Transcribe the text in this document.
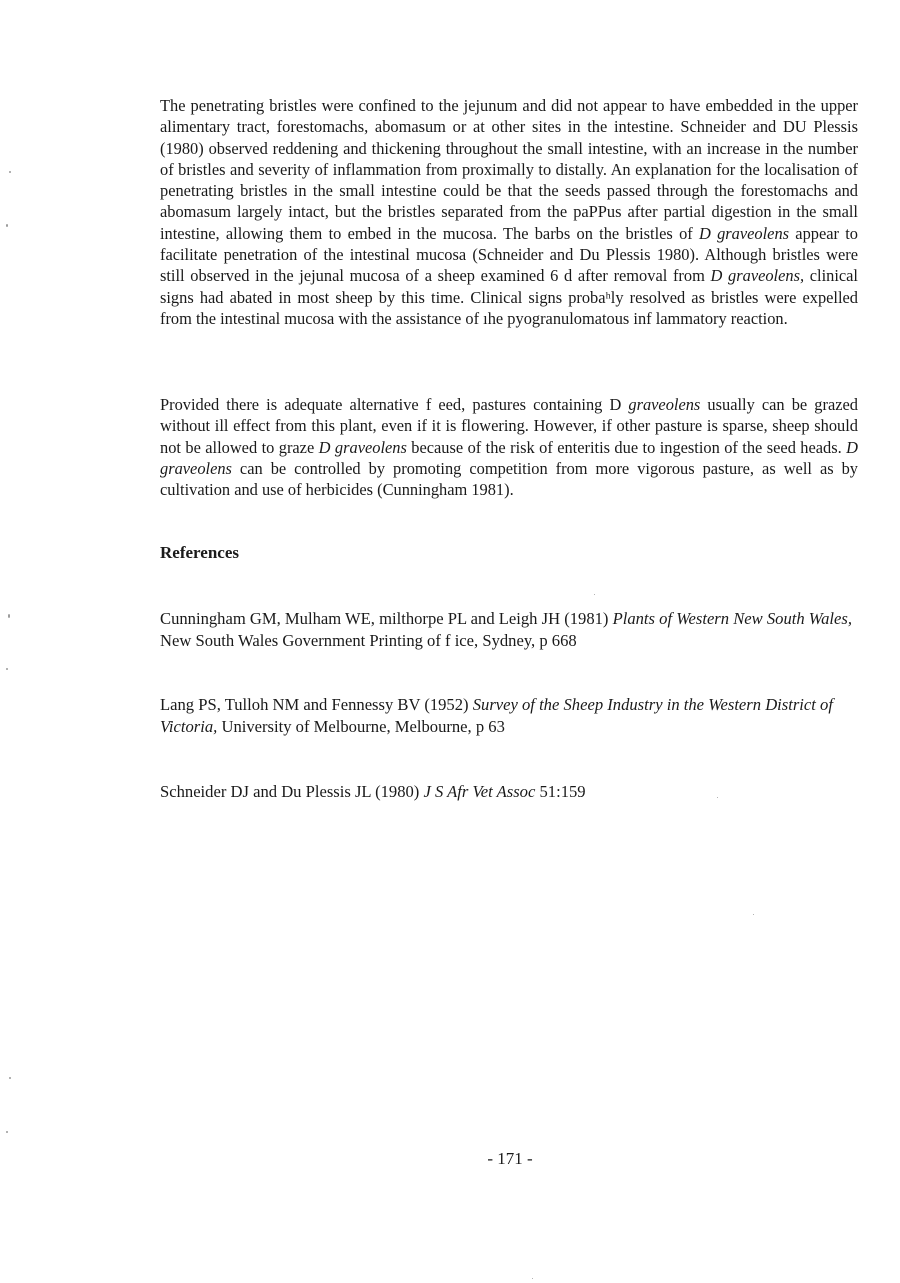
The penetrating bristles were confined to the jejunum and did not appear to have embedded in the upper alimentary tract, forestomachs, abomasum or at other sites in the intestine. Schneider and DU Plessis (1980) observed reddening and thickening throughout the small intestine, with an increase in the number of bristles and severity of inflammation from proximally to distally. An explanation for the localisation of penetrating bristles in the small intestine could be that the seeds passed through the forestomachs and abomasum largely intact, but the bristles separated from the paPPus after partial digestion in the small intestine, allowing them to embed in the mucosa. The barbs on the bristles of D graveolens appear to facilitate penetration of the intestinal mucosa (Schneider and Du Plessis 1980). Although bristles were still observed in the jejunal mucosa of a sheep examined 6 d after removal from D graveolens, clinical signs had abated in most sheep by this time. Clinical signs probaʰly resolved as bristles were expelled from the intestinal mucosa with the assistance of ıhe pyogranulomatous inf lammatory reaction.

Provided there is adequate alternative f eed, pastures containing D graveolens usually can be grazed without ill effect from this plant, even if it is flowering. However, if other pasture is sparse, sheep should not be allowed to graze D graveolens because of the risk of enteritis due to ingestion of the seed heads. D graveolens can be controlled by promoting competition from more vigorous pasture, as well as by cultivation and use of herbicides (Cunningham 1981).

References

Cunningham GM, Mulham WE, milthorpe PL and Leigh JH (1981) Plants of Western New South Wales, New South Wales Government Printing of f ice, Sydney, p 668

Lang PS, Tulloh NM and Fennessy BV (1952) Survey of the Sheep Industry in the Western District of Victoria, University of Melbourne, Melbourne, p 63

Schneider DJ and Du Plessis JL (1980) J S Afr Vet Assoc 51:159

- 171 -
